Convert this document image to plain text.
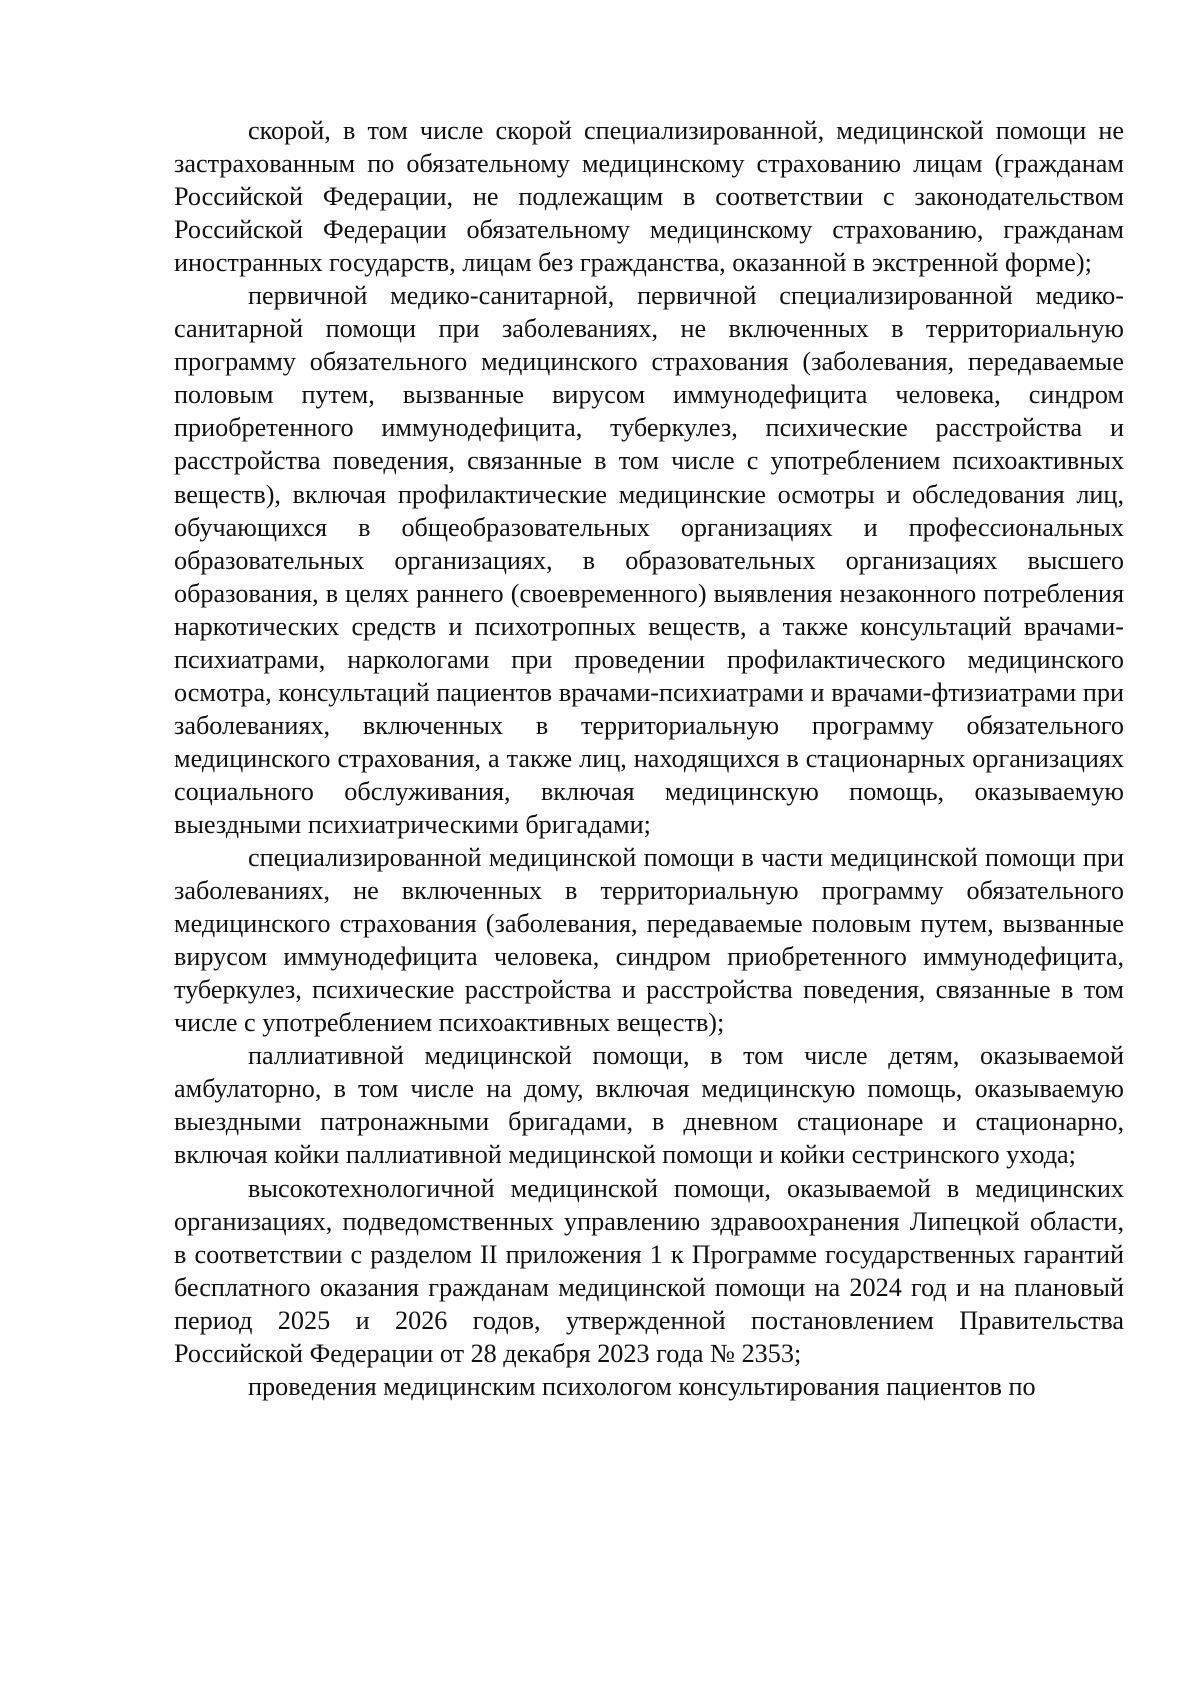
скорой, в том числе скорой специализированной, медицинской помощи не застрахованным по обязательному медицинскому страхованию лицам (гражданам Российской Федерации, не подлежащим в соответствии с законодательством Российской Федерации обязательному медицинскому страхованию, гражданам иностранных государств, лицам без гражданства, оказанной в экстренной форме);

первичной медико-санитарной, первичной специализированной медико-санитарной помощи при заболеваниях, не включенных в территориальную программу обязательного медицинского страхования (заболевания, передаваемые половым путем, вызванные вирусом иммунодефицита человека, синдром приобретенного иммунодефицита, туберкулез, психические расстройства и расстройства поведения, связанные в том числе с употреблением психоактивных веществ), включая профилактические медицинские осмотры и обследования лиц, обучающихся в общеобразовательных организациях и профессиональных образовательных организациях, в образовательных организациях высшего образования, в целях раннего (своевременного) выявления незаконного потребления наркотических средств и психотропных веществ, а также консультаций врачами-психиатрами, наркологами при проведении профилактического медицинского осмотра, консультаций пациентов врачами-психиатрами и врачами-фтизиатрами при заболеваниях, включенных в территориальную программу обязательного медицинского страхования, а также лиц, находящихся в стационарных организациях социального обслуживания, включая медицинскую помощь, оказываемую выездными психиатрическими бригадами;

специализированной медицинской помощи в части медицинской помощи при заболеваниях, не включенных в территориальную программу обязательного медицинского страхования (заболевания, передаваемые половым путем, вызванные вирусом иммунодефицита человека, синдром приобретенного иммунодефицита, туберкулез, психические расстройства и расстройства поведения, связанные в том числе с употреблением психоактивных веществ);

паллиативной медицинской помощи, в том числе детям, оказываемой амбулаторно, в том числе на дому, включая медицинскую помощь, оказываемую выездными патронажными бригадами, в дневном стационаре и стационарно, включая койки паллиативной медицинской помощи и койки сестринского ухода;

высокотехнологичной медицинской помощи, оказываемой в медицинских организациях, подведомственных управлению здравоохранения Липецкой области, в соответствии с разделом II приложения 1 к Программе государственных гарантий бесплатного оказания гражданам медицинской помощи на 2024 год и на плановый период 2025 и 2026 годов, утвержденной постановлением Правительства Российской Федерации от 28 декабря 2023 года № 2353;

проведения медицинским психологом консультирования пациентов по
